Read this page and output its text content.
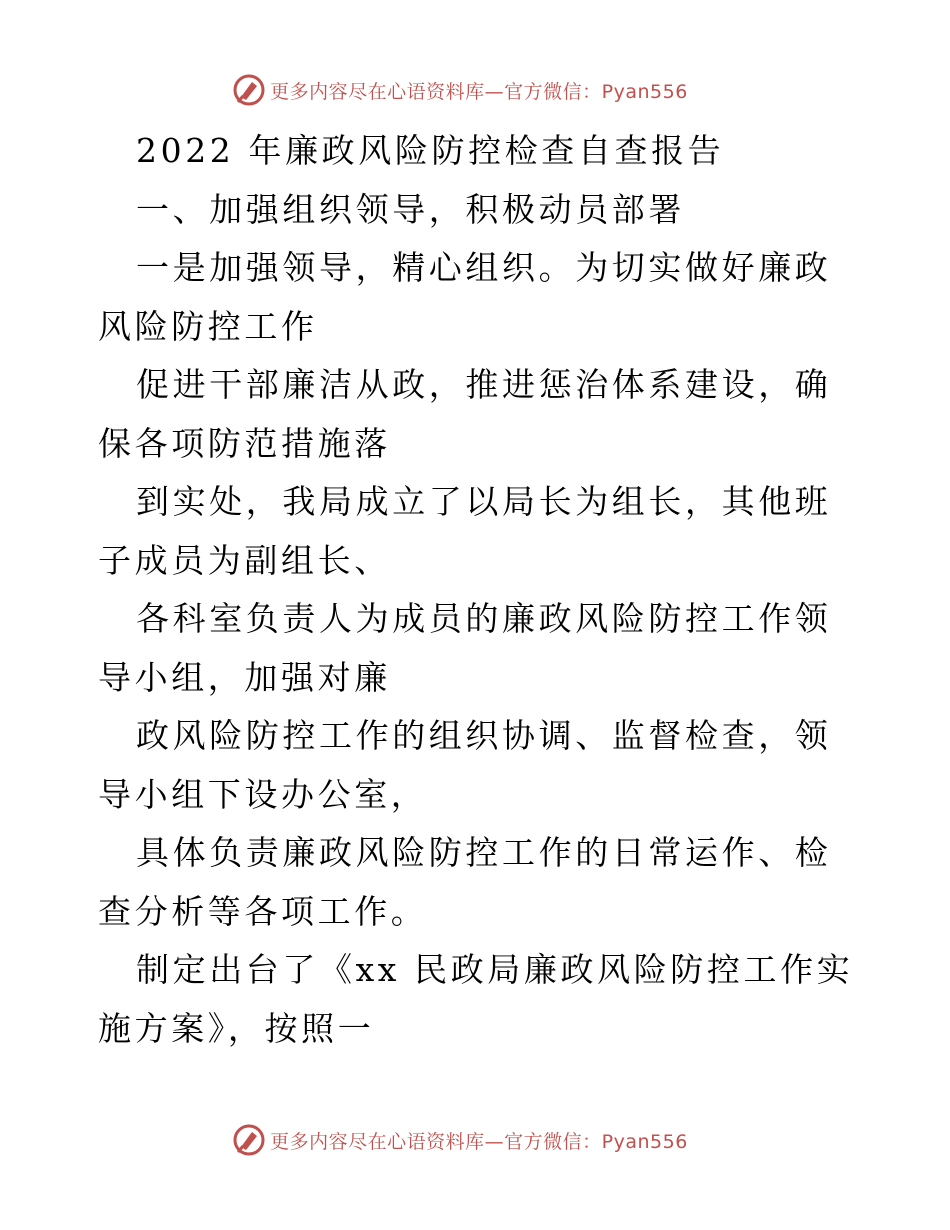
更多内容尽在心语资料库—官方微信：Pyan556

2022 年廉政风险防控检查自查报告

一、加强组织领导，积极动员部署

一是加强领导，精心组织。为切实做好廉政风险防控工作

促进干部廉洁从政，推进惩治体系建设，确保各项防范措施落

到实处，我局成立了以局长为组长，其他班子成员为副组长、

各科室负责人为成员的廉政风险防控工作领导小组，加强对廉

政风险防控工作的组织协调、监督检查，领导小组下设办公室，

具体负责廉政风险防控工作的日常运作、检查分析等各项工作。

制定出台了《xx 民政局廉政风险防控工作实施方案》，按照一

更多内容尽在心语资料库—官方微信：Pyan556
